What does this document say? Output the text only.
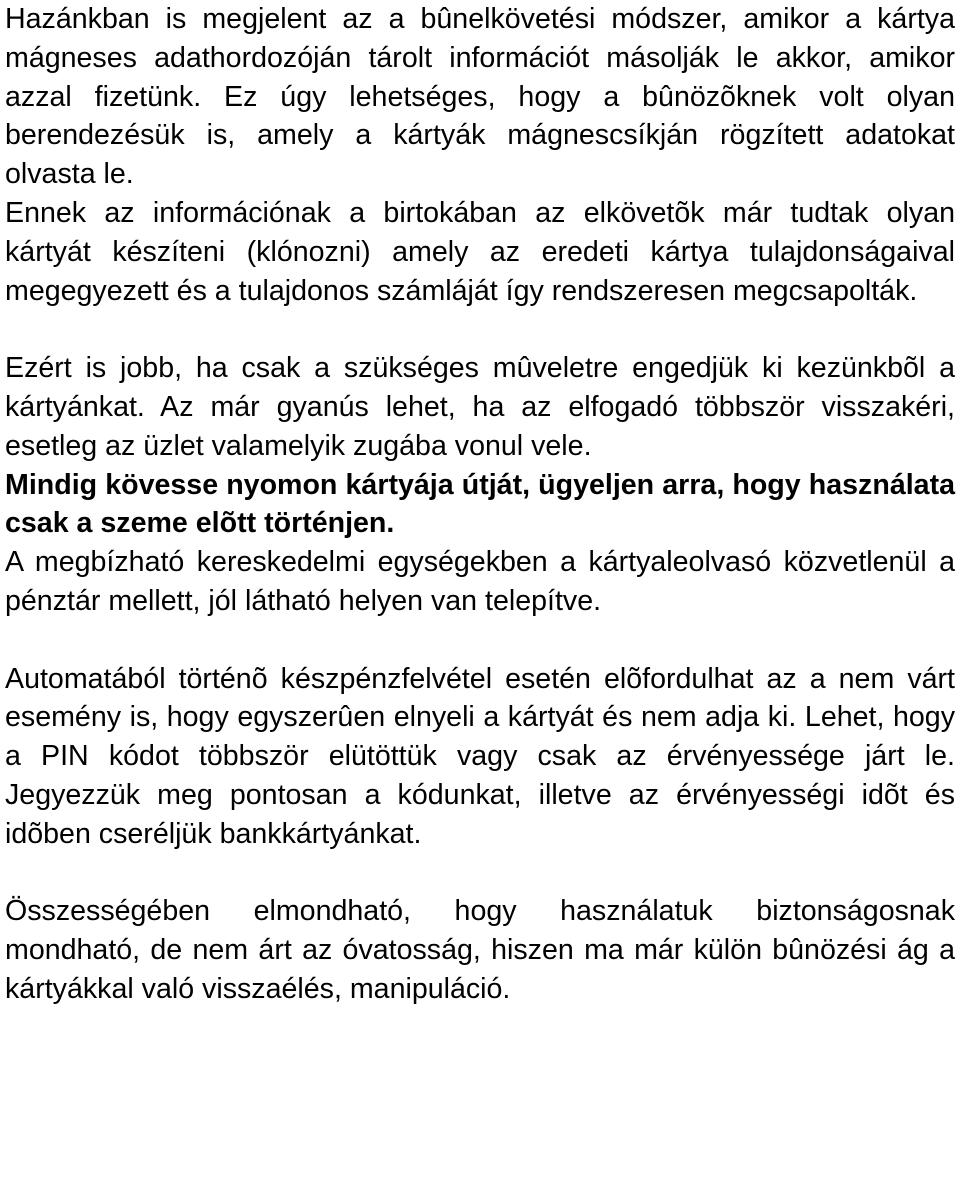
Hazánkban is megjelent az a bûnelkövetési módszer, amikor a kártya mágneses adathordozóján tárolt információt másolják le akkor, amikor azzal fizetünk. Ez úgy lehetséges, hogy a bûnözõknek volt olyan berendezésük is, amely a kártyák mágnescsíkján rögzített adatokat olvasta le.

Ennek az információnak a birtokában az elkövetõk már tudtak olyan kártyát készíteni (klónozni) amely az eredeti kártya tulajdonságaival megegyezett és a tulajdonos számláját így rendszeresen megcsapolták.

Ezért is jobb, ha csak a szükséges mûveletre engedjük ki kezünkbõl a kártyánkat. Az már gyanús lehet, ha az elfogadó többször visszakéri, esetleg az üzlet valamelyik zugába vonul vele.

Mindig kövesse nyomon kártyája útját, ügyeljen arra, hogy használata csak a szeme elõtt történjen.

A megbízható kereskedelmi egységekben a kártyaleolvasó közvetlenül a pénztár mellett, jól látható helyen van telepítve.

Automatából történõ készpénzfelvétel esetén elõfordulhat az a nem várt esemény is, hogy egyszerûen elnyeli a kártyát és nem adja ki. Lehet, hogy a PIN kódot többször elütöttük vagy csak az érvényessége járt le. Jegyezzük meg pontosan a kódunkat, illetve az érvényességi idõt és idõben cseréljük bankkártyánkat.

Összességében elmondható, hogy használatuk biztonságosnak mondható, de nem árt az óvatosság, hiszen ma már külön bûnözési ág a kártyákkal való visszaélés, manipuláció.
